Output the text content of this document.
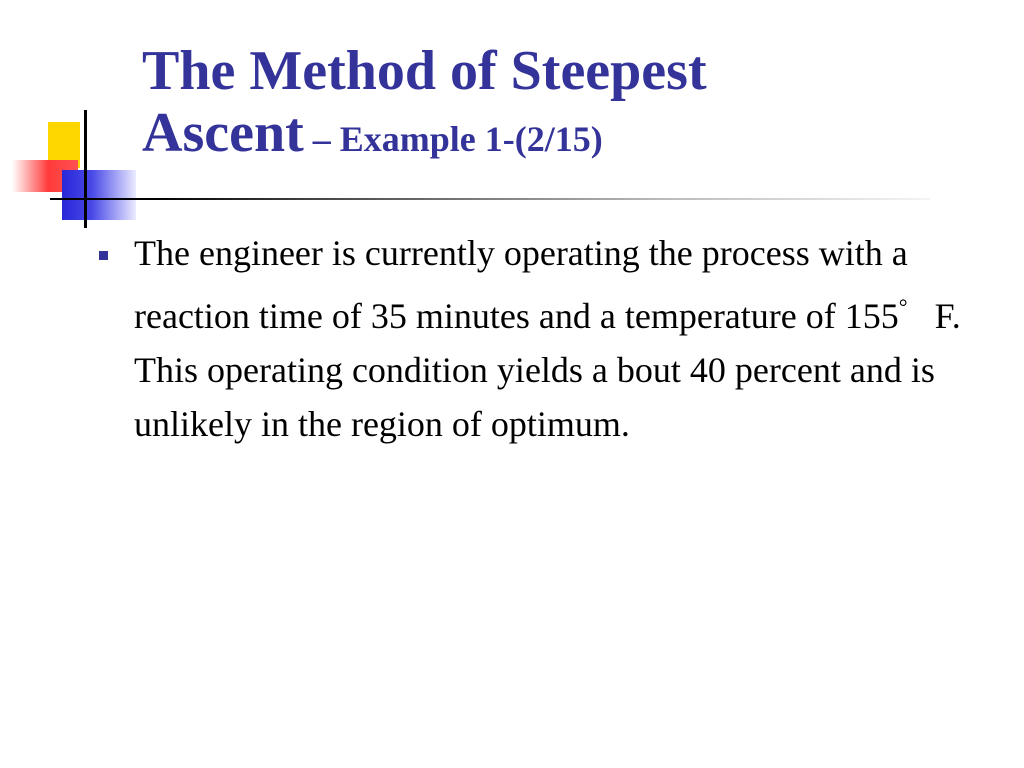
The Method of Steepest
Ascent – Example 1-(2/15)
The engineer is currently operating the process with a reaction time of 35 minutes and a temperature of 155°   F. This operating condition yields a bout 40 percent and is unlikely in the region of optimum.
